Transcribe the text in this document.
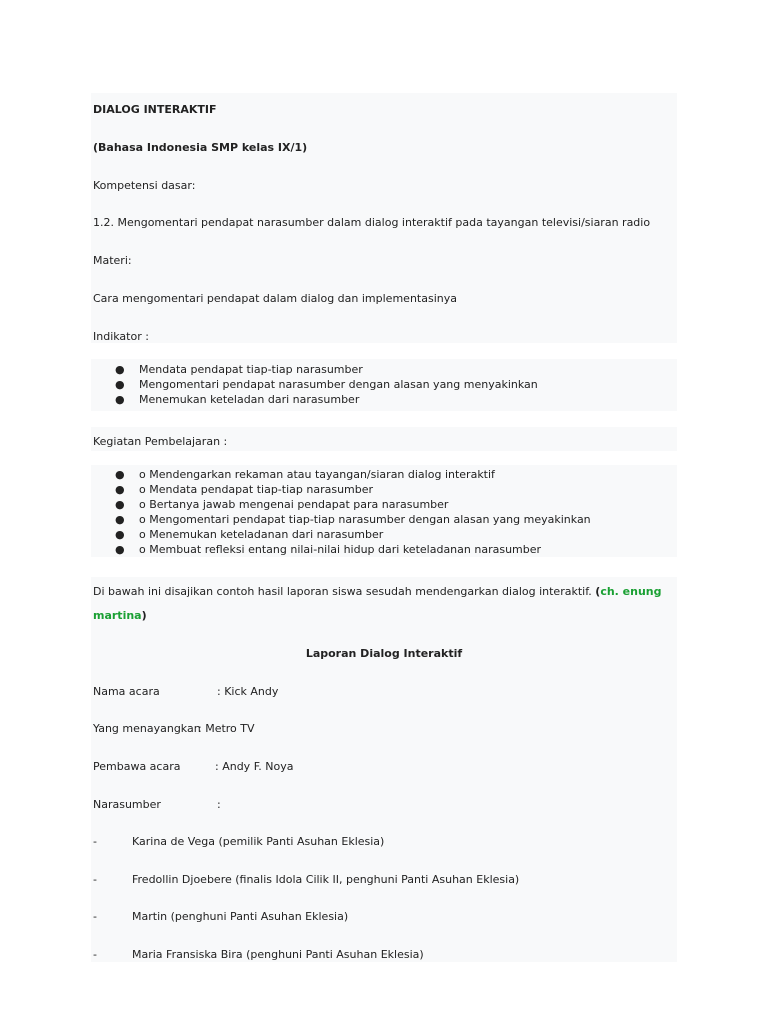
DIALOG INTERAKTIF
(Bahasa Indonesia SMP kelas IX/1)
Kompetensi dasar:
1.2. Mengomentari pendapat narasumber dalam dialog interaktif pada tayangan televisi/siaran radio
Materi:
Cara mengomentari pendapat dalam dialog dan implementasinya
Indikator :
● Mendata pendapat tiap-tiap narasumber
● Mengomentari pendapat narasumber dengan alasan yang menyakinkan
● Menemukan keteladan dari narasumber
Kegiatan Pembelajaran :
● o Mendengarkan rekaman atau tayangan/siaran dialog interaktif
● o Mendata pendapat tiap-tiap narasumber
● o Bertanya jawab mengenai pendapat para narasumber
● o Mengomentari pendapat tiap-tiap narasumber dengan alasan yang meyakinkan
● o Menemukan keteladanan dari narasumber
● o Membuat refleksi entang nilai-nilai hidup dari keteladanan narasumber
Di bawah ini disajikan contoh hasil laporan siswa sesudah mendengarkan dialog interaktif. (ch. enung
martina)
Laporan Dialog Interaktif
Nama acara	: Kick Andy
Yang menayangkan
: Metro TV
Pembawa acara	: Andy F. Noya
Narasumber	:
-	Karina de Vega (pemilik Panti Asuhan Eklesia)
-	Fredollin Djoebere (finalis Idola Cilik II, penghuni Panti Asuhan Eklesia)
-	Martin (penghuni Panti Asuhan Eklesia)
-	Maria Fransiska Bira (penghuni Panti Asuhan Eklesia)
